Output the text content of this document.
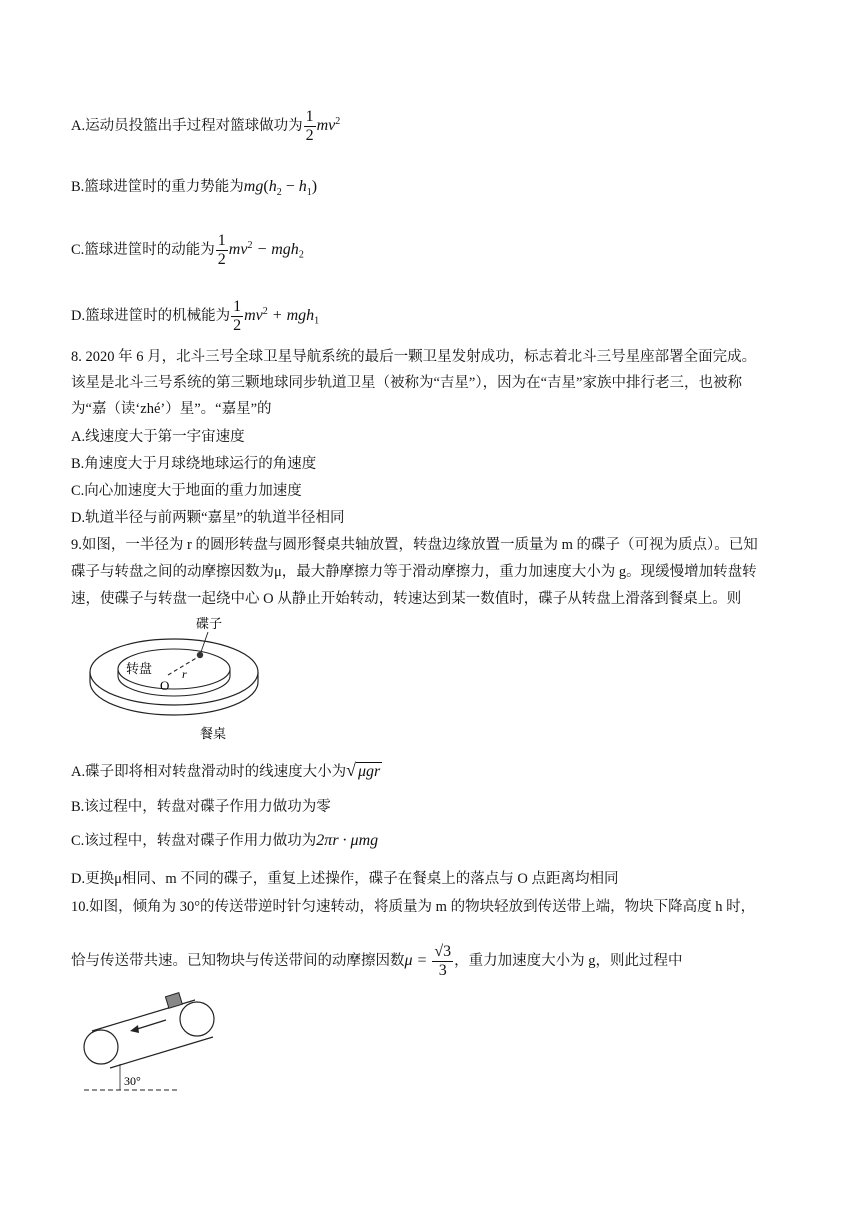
A.运动员投篮出手过程对篮球做功为 $\frac{1}{2} mv^2$
B.篮球进筐时的重力势能为$mg(h_2 - h_1)$
C.篮球进筐时的动能为 $\frac{1}{2} mv^2 - mgh_2$
D.篮球进筐时的机械能为 $\frac{1}{2} mv^2 + mgh_1$
8. 2020 年 6 月，北斗三号全球卫星导航系统的最后一颗卫星发射成功，标志着北斗三号星座部署全面完成。
该星是北斗三号系统的第三颗地球同步轨道卫星（被称为“吉星”），因为在“吉星”家族中排行老三，也被称
为“嘉（读‘zhé’）星”。“嘉星”的
A.线速度大于第一宇宙速度
B.角速度大于月球绕地球运行的角速度
C.向心加速度大于地面的重力加速度
D.轨道半径与前两颗“嘉星”的轨道半径相同
9.如图，一半径为 r 的圆形转盘与圆形餐桌共轴放置，转盘边缘放置一质量为 m 的碟子（可视为质点）。已知
碟子与转盘之间的动摩擦因数为μ，最大静摩擦力等于滑动摩擦力，重力加速度大小为 g。现缓慢增加转盘转
速，使碟子与转盘一起绕中心 O 从静止开始转动，转速达到某一数值时，碟子从转盘上滑落到餐桌上。则
碟子
转盘
O
r
餐桌
A.碟子即将相对转盘滑动时的线速度大小为√ μgr
B.该过程中，转盘对碟子作用力做功为零
C.该过程中，转盘对碟子作用力做功为2πr · μmg
D.更换μ相同、m 不同的碟子，重复上述操作，碟子在餐桌上的落点与 O 点距离均相同
10.如图，倾角为 30°的传送带逆时针匀速转动，将质量为 m 的物块轻放到传送带上端，物块下降高度 h 时，
恰与传送带共速。已知物块与传送带间的动摩擦因数$\mu = \frac{√3}{3}$ ，重力加速度大小为 g，则此过程中
30°
